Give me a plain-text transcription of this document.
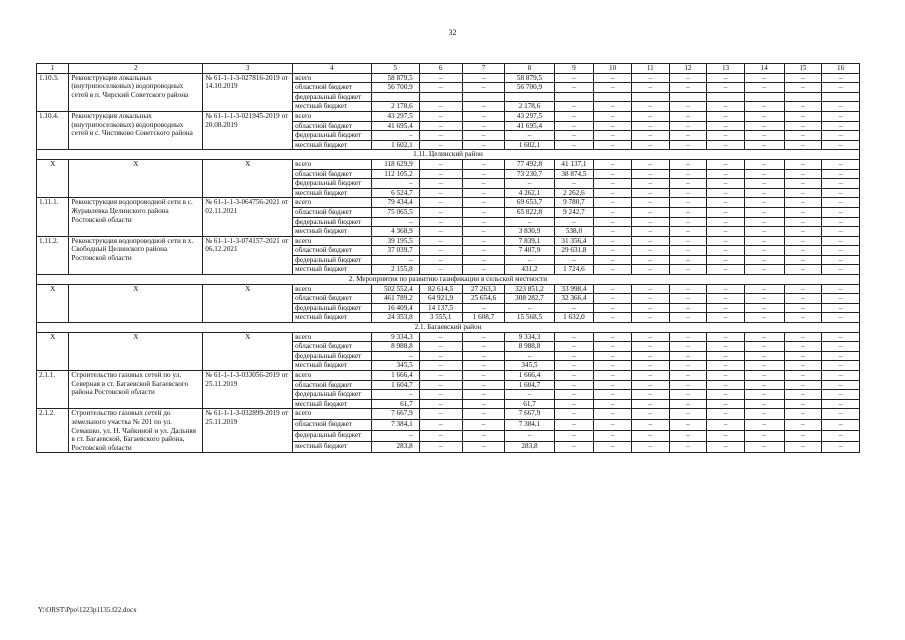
32
1	2	3	4	5	6	7	8	9	10	11	12	13	14	15	16
1.10.3.	Реконструкция локальных (внутрипоселковых) водопроводных сетей в п. Чирский Советского района	№ 61-1-1-3-027816-2019 от 14.10.2019	всего	58 879,5	–	–	58 879,5	–	–	–	–	–	–	–	–
			областной бюджет	56 700,9	–	–	56 700,9	–	–	–	–	–	–	–	–
			федеральный бюджет												
			местный бюджет	2 178,6	–	–	2 178,6	–	–	–	–	–	–	–	–
1.10.4.	Реконструкция локальных (внутрипоселковых) водопроводных сетей в с. Чистяково Советского района	№ 61-1-1-3-021945-2019 от 20.08.2019	всего	43 297,5	–	–	43 297,5	–	–	–	–	–	–	–	–
			областной бюджет	41 695,4	–	–	41 695,4	–	–	–	–	–	–	–	–
			федеральный бюджет	–	–	–	–	–	–	–	–	–	–	–	–
			местный бюджет	1 602,1	–	–	1 602,1	–	–	–	–	–	–	–	–
1.11. Целинский район															
X	X	X	всего	118 629,9	–	–	77 492,8	41 137,1	–	–	–	–	–	–	–
			областной бюджет	112 105,2	–	–	73 230,7	38 874,5	–	–	–	–	–	–	–
			федеральный бюджет	–	–	–	–	–	–	–	–	–	–	–	–
			местный бюджет	6 524,7	–	–	4 262,1	2 262,6	–	–	–	–	–	–	–
1.11.1.	Реконструкция водопроводной сети в с. Журавлевка Целинского района Ростовской области	№ 61-1-1-3-064756-2021 от 02.11.2021	всего	79 434,4	–	–	69 653,7	9 780,7	–	–	–	–	–	–	–
			областной бюджет	75 065,5	–	–	65 822,8	9 242,7	–	–	–	–	–	–	–
			федеральный бюджет	–	–	–	–	–	–	–	–	–	–	–	–
			местный бюджет	4 368,9	–	–	3 830,9	538,0	–	–	–	–	–	–	–
1.11.2.	Реконструкция водопроводной сети в х. Свободный Целинского района Ростовской области	№ 61-1-1-3-074157-2021 от 06.12.2021	всего	39 195,5	–	–	7 839,1	31 356,4	–	–	–	–	–	–	–
			областной бюджет	37 039,7	–	–	7 407,9	29 631,8	–	–	–	–	–	–	–
			федеральный бюджет	–	–	–	–	–	–	–	–	–	–	–	–
			местный бюджет	2 155,8	–	–	431,2	1 724,6	–	–	–	–	–	–	–
2. Мероприятия по развитию газификации в сельской местности															
X	X	X	всего	502 552,4	82 614,5	27 263,3	323 851,2	33 998,4	–	–	–	–	–	–	–
			областной бюджет	461 789,2	64 921,9	25 654,6	308 282,7	32 366,4	–	–	–	–	–	–	–
			федеральный бюджет	16 409,4	14 137,5	–	–	–	–	–	–	–	–	–	–
			местный бюджет	24 353,8	3 555,1	1 608,7	15 568,5	1 632,0	–	–	–	–	–	–	–
2.1. Багаевский район															
X	X	X	всего	9 334,3	–	–	9 334,3	–	–	–	–	–	–	–	–
			областной бюджет	8 988,8	–	–	8 988,8	–	–	–	–	–	–	–	–
			федеральный бюджет	–	–	–	–	–	–	–	–	–	–	–	–
			местный бюджет	345,5	–	–	345,5	–	–	–	–	–	–	–	–
2.1.1.	Строительство газовых сетей по ул. Северная в ст. Багаевской Багаевского района Ростовской области	№ 61-1-1-3-033056-2019 от 25.11.2019	всего	1 666,4	–	–	1 666,4	–	–	–	–	–	–	–	–
			областной бюджет	1 604,7	–	–	1 604,7	–	–	–	–	–	–	–	–
			федеральный бюджет	–	–	–	–	–	–	–	–	–	–	–	–
			местный бюджет	61,7	–	–	61,7	–	–	–	–	–	–	–	–
2.1.2.	Строительство газовых сетей до земельного участка № 201 по ул. Семашко, ул. Н. Чайкиной и ул. Дальняя в ст. Багаевской, Багаевского района, Ростовской области	№ 61-1-1-3-032899-2019 от 25.11.2019	всего	7 667,9	–	–	7 667,9	–	–	–	–	–	–	–	–
			областной бюджет	7 384,1	–	–	7 384,1	–	–	–	–	–	–	–	–
			федеральный бюджет	–	–	–	–	–	–	–	–	–	–	–	–
			местный бюджет	283,8	–	–	283,8	–	–	–	–	–	–	–	–
Y:\ORST\Ppo\1223p1135.f22.docx
